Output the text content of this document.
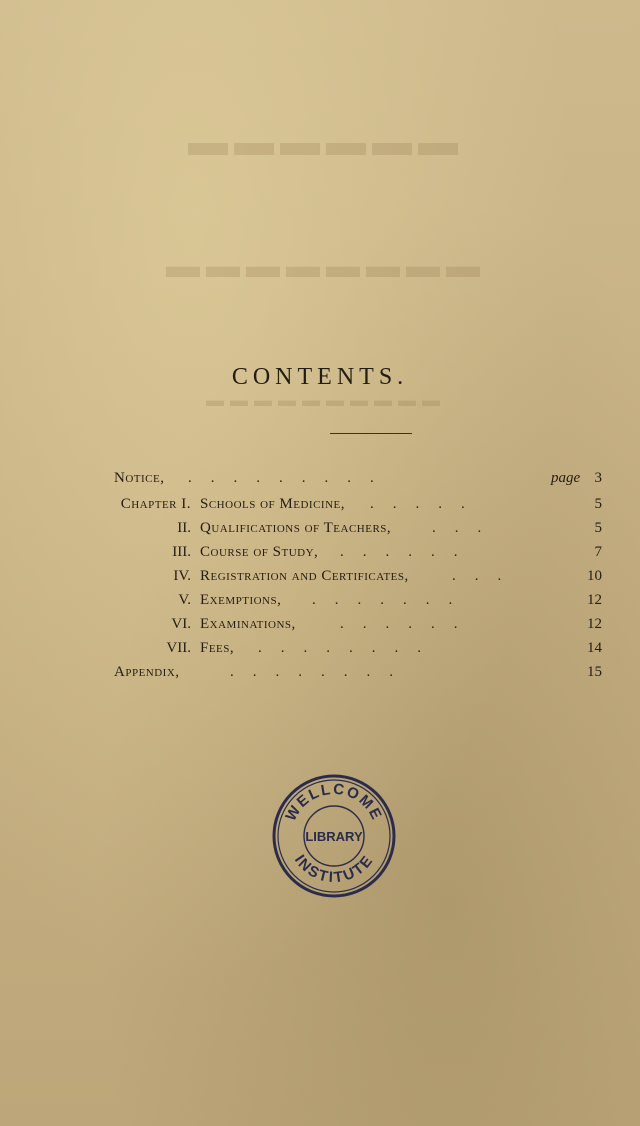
▬▬▬▬▬▬
▬▬▬▬▬▬▬▬
▬▬▬▬▬▬▬▬▬▬
CONTENTS.
Notice, .........	page 3
Chapter I. Schools of Medicine, .....	5
II. Qualifications of Teachers,	...	5
III. Course of Study, ......	7
IV. Registration and Certificates,	...	10
V. Exemptions, .......	12
VI. Examinations,	......	12
VII. Fees, ........	14
Appendix,	........	15
WELLCOME
LIBRARY
INSTITUTE
